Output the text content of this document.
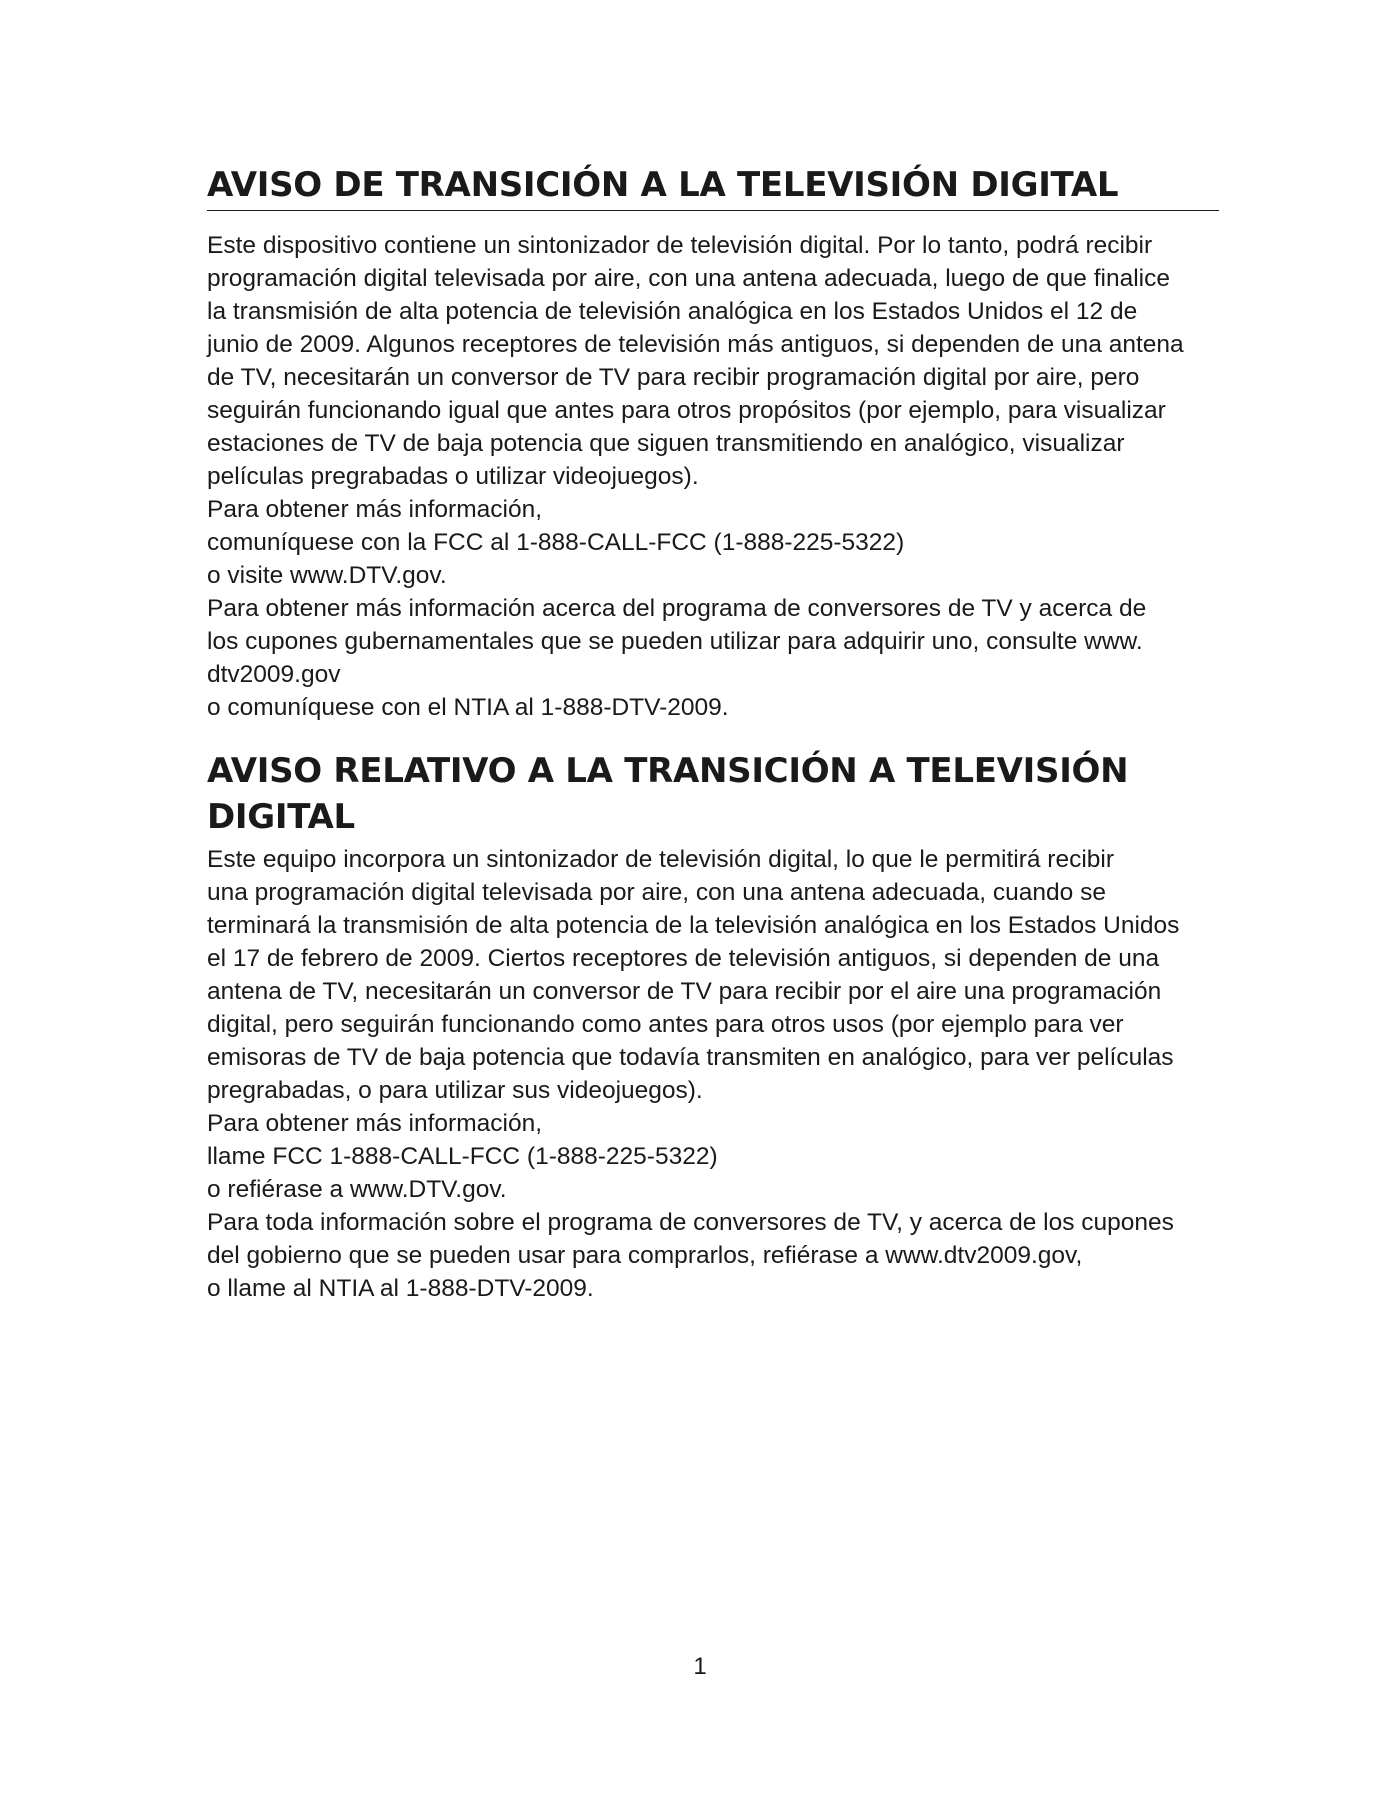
AVISO DE TRANSICIÓN A LA TELEVISIÓN DIGITAL

Este dispositivo contiene un sintonizador de televisión digital. Por lo tanto, podrá recibir

programación digital televisada por aire, con una antena adecuada, luego de que finalice

la transmisión de alta potencia de televisión analógica en los Estados Unidos el 12 de

junio de 2009. Algunos receptores de televisión más antiguos, si dependen de una antena

de TV, necesitarán un conversor de TV para recibir programación digital por aire, pero

seguirán funcionando igual que antes para otros propósitos (por ejemplo, para visualizar

estaciones de TV de baja potencia que siguen transmitiendo en analógico, visualizar

películas pregrabadas o utilizar videojuegos).

Para obtener más información,

comuníquese con la FCC al 1-888-CALL-FCC (1-888-225-5322)

o visite www.DTV.gov.

Para obtener más información acerca del programa de conversores de TV y acerca de

los cupones gubernamentales que se pueden utilizar para adquirir uno, consulte www.

dtv2009.gov

o comuníquese con el NTIA al 1-888-DTV-2009.

AVISO RELATIVO A LA TRANSICIÓN A TELEVISIÓN
DIGITAL

Este equipo incorpora un sintonizador de televisión digital, lo que le permitirá recibir

una programación digital televisada por aire, con una antena adecuada, cuando se

terminará la transmisión de alta potencia de la televisión analógica en los Estados Unidos

el 17 de febrero de 2009. Ciertos receptores de televisión antiguos, si dependen de una

antena de TV, necesitarán un conversor de TV para recibir por el aire una programación

digital, pero seguirán funcionando como antes para otros usos (por ejemplo para ver

emisoras de TV de baja potencia que todavía transmiten en analógico, para ver películas

pregrabadas, o para utilizar sus videojuegos).

Para obtener más información,

llame FCC 1-888-CALL-FCC (1-888-225-5322)

o refiérase a www.DTV.gov.

Para toda información sobre el programa de conversores de TV, y acerca de los cupones

del gobierno que se pueden usar para comprarlos, refiérase a www.dtv2009.gov,

o llame al NTIA al 1-888-DTV-2009.

1
